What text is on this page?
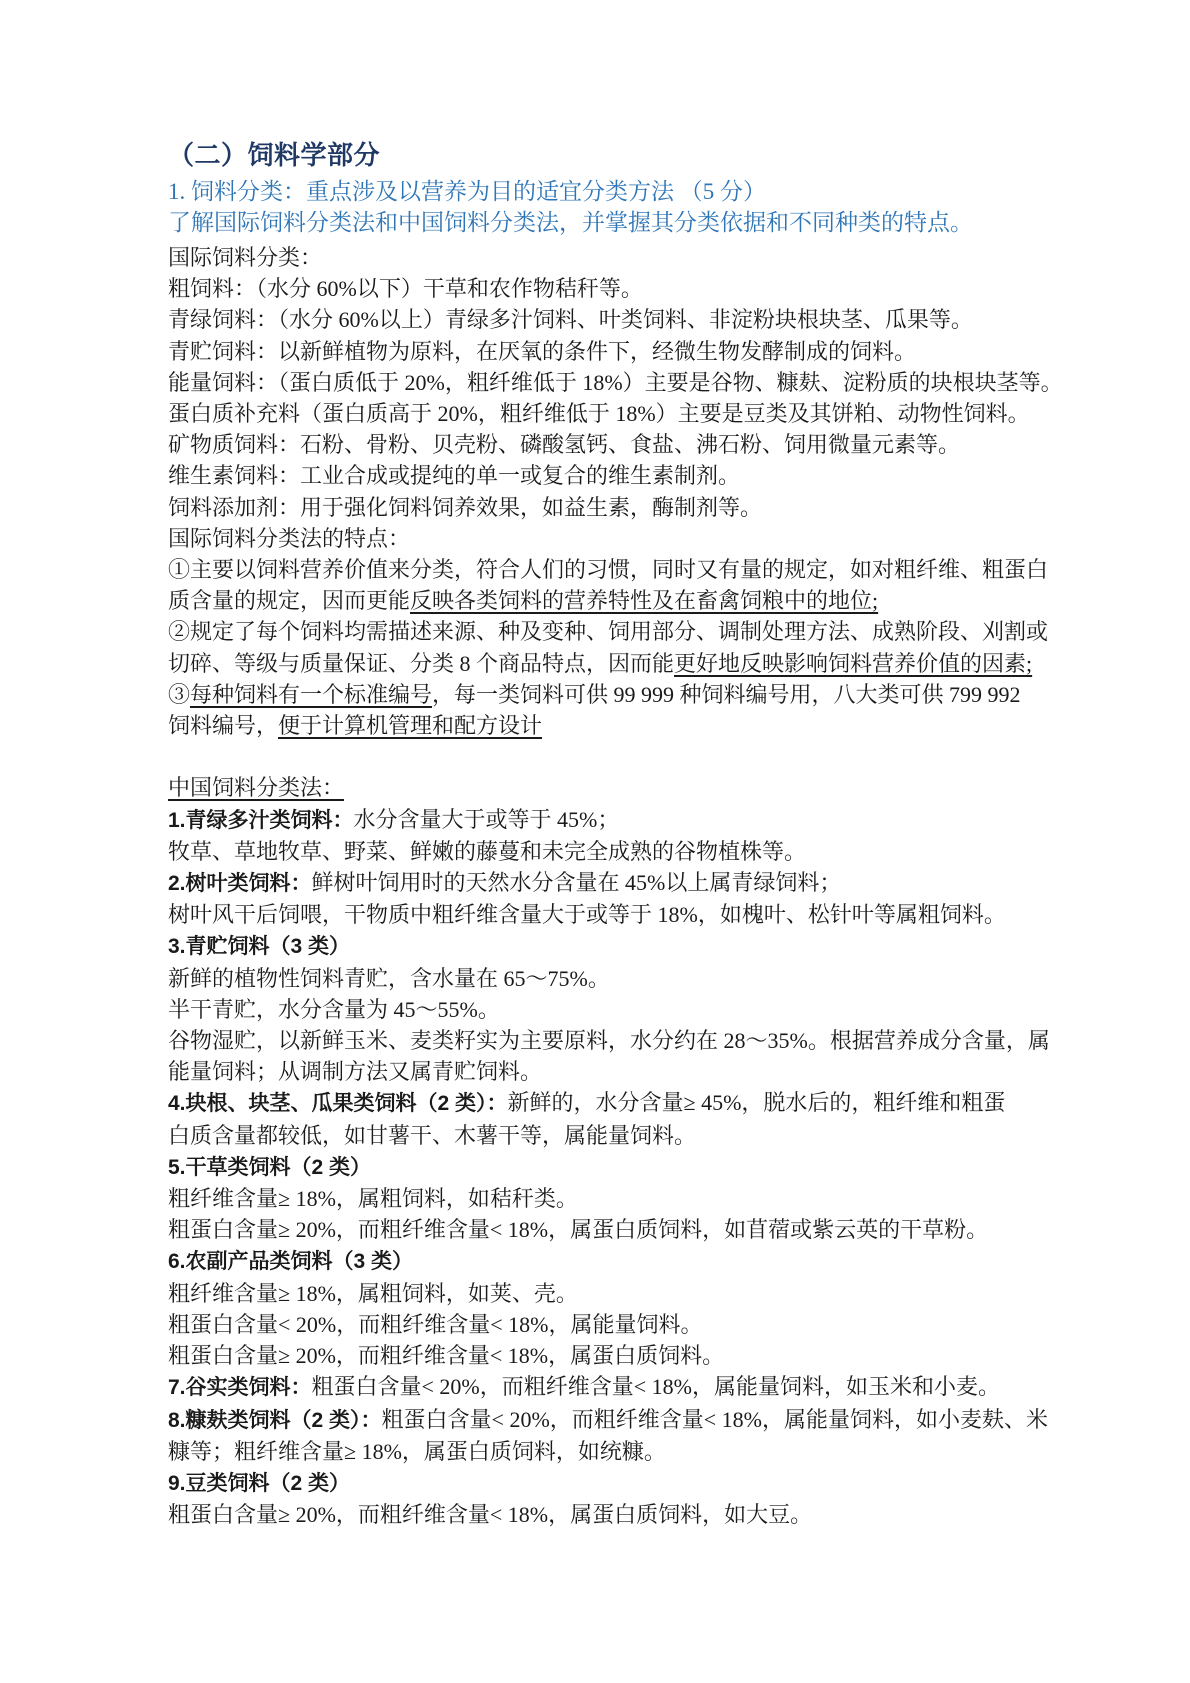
（二）饲料学部分

1. 饲料分类：重点涉及以营养为目的适宜分类方法 （5 分）

了解国际饲料分类法和中国饲料分类法，并掌握其分类依据和不同种类的特点。

国际饲料分类：

粗饲料：（水分 60%以下）干草和农作物秸秆等。

青绿饲料：（水分 60%以上）青绿多汁饲料、叶类饲料、非淀粉块根块茎、瓜果等。

青贮饲料：以新鲜植物为原料，在厌氧的条件下，经微生物发酵制成的饲料。

能量饲料：（蛋白质低于 20%，粗纤维低于 18%）主要是谷物、糠麸、淀粉质的块根块茎等。

蛋白质补充料（蛋白质高于 20%，粗纤维低于 18%）主要是豆类及其饼粕、动物性饲料。

矿物质饲料：石粉、骨粉、贝壳粉、磷酸氢钙、食盐、沸石粉、饲用微量元素等。

维生素饲料：工业合成或提纯的单一或复合的维生素制剂。

饲料添加剂：用于强化饲料饲养效果，如益生素，酶制剂等。

国际饲料分类法的特点：

①主要以饲料营养价值来分类，符合人们的习惯，同时又有量的规定，如对粗纤维、粗蛋白

质含量的规定，因而更能反映各类饲料的营养特性及在畜禽饲粮中的地位;

②规定了每个饲料均需描述来源、种及变种、饲用部分、调制处理方法、成熟阶段、刈割或

切碎、等级与质量保证、分类 8 个商品特点，因而能更好地反映影响饲料营养价值的因素;

③每种饲料有一个标准编号，每一类饲料可供 99 999 种饲料编号用，八大类可供 799 992

饲料编号，便于计算机管理和配方设计

中国饲料分类法：

1.青绿多汁类饲料：水分含量大于或等于 45%；

牧草、草地牧草、野菜、鲜嫩的藤蔓和未完全成熟的谷物植株等。

2.树叶类饲料：鲜树叶饲用时的天然水分含量在 45%以上属青绿饲料；

树叶风干后饲喂，干物质中粗纤维含量大于或等于 18%，如槐叶、松针叶等属粗饲料。

3.青贮饲料（3 类）

新鲜的植物性饲料青贮，含水量在 65～75%。

半干青贮，水分含量为 45～55%。

谷物湿贮，以新鲜玉米、麦类籽实为主要原料，水分约在 28～35%。根据营养成分含量，属

能量饲料；从调制方法又属青贮饲料。

4.块根、块茎、瓜果类饲料（2 类）：新鲜的，水分含量≥ 45%，脱水后的，粗纤维和粗蛋

白质含量都较低，如甘薯干、木薯干等，属能量饲料。

5.干草类饲料（2 类）

粗纤维含量≥ 18%，属粗饲料，如秸秆类。

粗蛋白含量≥ 20%，而粗纤维含量< 18%，属蛋白质饲料，如苜蓿或紫云英的干草粉。

6.农副产品类饲料（3 类）

粗纤维含量≥ 18%，属粗饲料，如荚、壳。

粗蛋白含量< 20%，而粗纤维含量< 18%，属能量饲料。

粗蛋白含量≥ 20%，而粗纤维含量< 18%，属蛋白质饲料。

7.谷实类饲料：粗蛋白含量< 20%，而粗纤维含量< 18%，属能量饲料，如玉米和小麦。

8.糠麸类饲料（2 类）：粗蛋白含量< 20%，而粗纤维含量< 18%，属能量饲料，如小麦麸、米

糠等；粗纤维含量≥ 18%，属蛋白质饲料，如统糠。

9.豆类饲料（2 类）

粗蛋白含量≥ 20%，而粗纤维含量< 18%，属蛋白质饲料，如大豆。
